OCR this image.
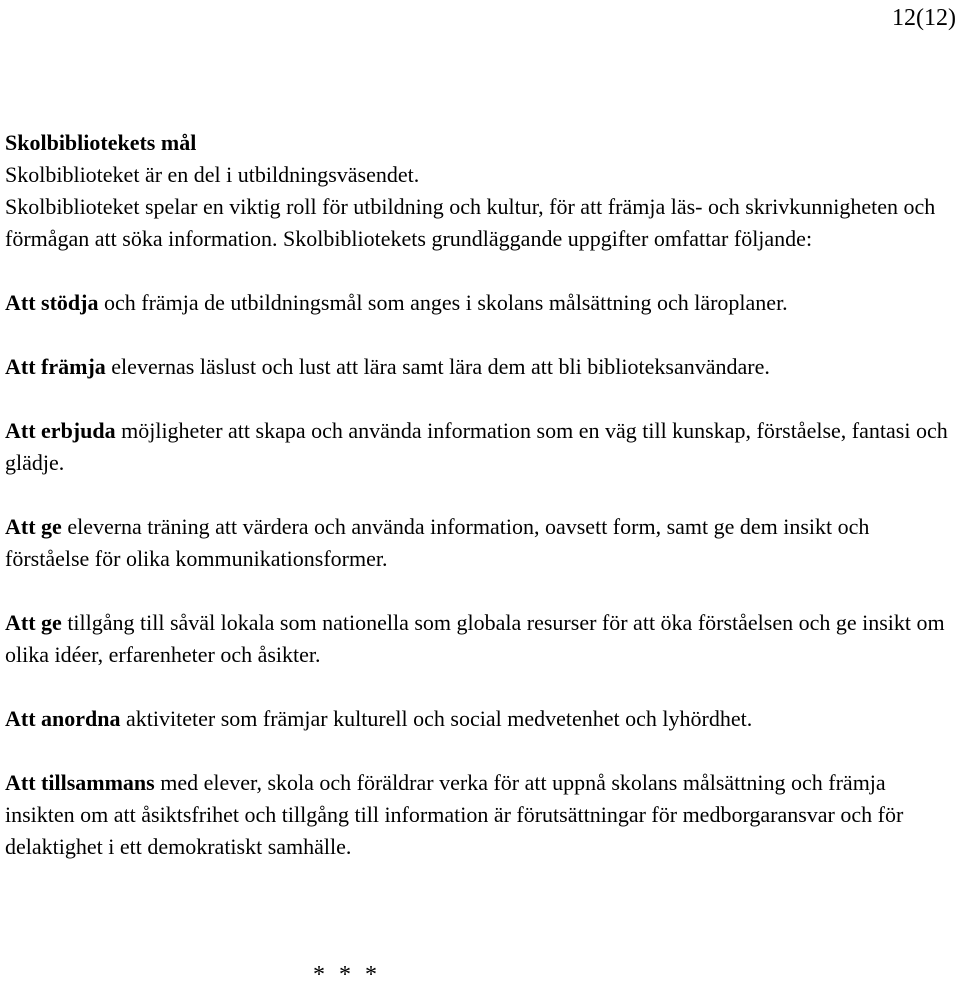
12(12)

Skolbibliotekets mål

Skolbiblioteket är en del i utbildningsväsendet.

Skolbiblioteket spelar en viktig roll för utbildning och kultur, för att främja läs- och skrivkunnigheten och förmågan att söka information. Skolbibliotekets grundläggande uppgifter omfattar följande:

Att stödja och främja de utbildningsmål som anges i skolans målsättning och läroplaner.

Att främja elevernas läslust och lust att lära samt lära dem att bli biblioteksanvändare.

Att erbjuda möjligheter att skapa och använda information som en väg till kunskap, förståelse, fantasi och glädje.

Att ge eleverna träning att värdera och använda information, oavsett form, samt ge dem insikt och förståelse för olika kommunikationsformer.

Att ge tillgång till såväl lokala som nationella som globala resurser för att öka förståelsen och ge insikt om olika idéer, erfarenheter och åsikter.

Att anordna aktiviteter som främjar kulturell och social medvetenhet och lyhördhet.

Att tillsammans med elever, skola och föräldrar verka för att uppnå skolans målsättning och främja insikten om att åsiktsfrihet och tillgång till information är förutsättningar för medborgaransvar och för delaktighet i ett demokratiskt samhälle.

* * *
